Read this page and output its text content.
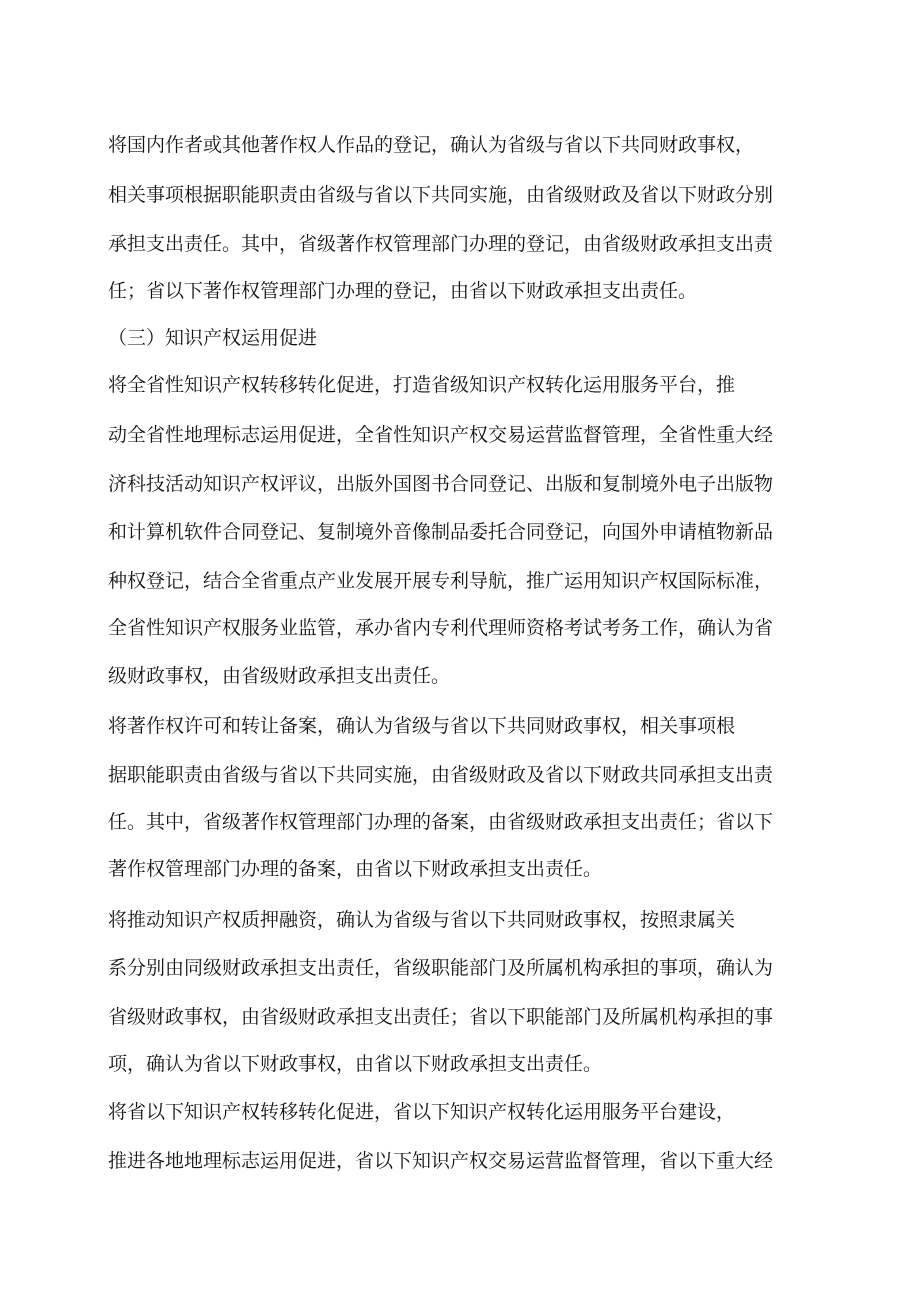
将国内作者或其他著作权人作品的登记，确认为省级与省以下共同财政事权，
相关事项根据职能职责由省级与省以下共同实施，由省级财政及省以下财政分别
承担支出责任。其中，省级著作权管理部门办理的登记，由省级财政承担支出责
任；省以下著作权管理部门办理的登记，由省以下财政承担支出责任。
（三）知识产权运用促进
将全省性知识产权转移转化促进，打造省级知识产权转化运用服务平台，推
动全省性地理标志运用促进，全省性知识产权交易运营监督管理，全省性重大经
济科技活动知识产权评议，出版外国图书合同登记、出版和复制境外电子出版物
和计算机软件合同登记、复制境外音像制品委托合同登记，向国外申请植物新品
种权登记，结合全省重点产业发展开展专利导航，推广运用知识产权国际标准，
全省性知识产权服务业监管，承办省内专利代理师资格考试考务工作，确认为省
级财政事权，由省级财政承担支出责任。
将著作权许可和转让备案，确认为省级与省以下共同财政事权，相关事项根
据职能职责由省级与省以下共同实施，由省级财政及省以下财政共同承担支出责
任。其中，省级著作权管理部门办理的备案，由省级财政承担支出责任；省以下
著作权管理部门办理的备案，由省以下财政承担支出责任。
将推动知识产权质押融资，确认为省级与省以下共同财政事权，按照隶属关
系分别由同级财政承担支出责任，省级职能部门及所属机构承担的事项，确认为
省级财政事权，由省级财政承担支出责任；省以下职能部门及所属机构承担的事
项，确认为省以下财政事权，由省以下财政承担支出责任。
将省以下知识产权转移转化促进，省以下知识产权转化运用服务平台建设，
推进各地地理标志运用促进，省以下知识产权交易运营监督管理，省以下重大经
